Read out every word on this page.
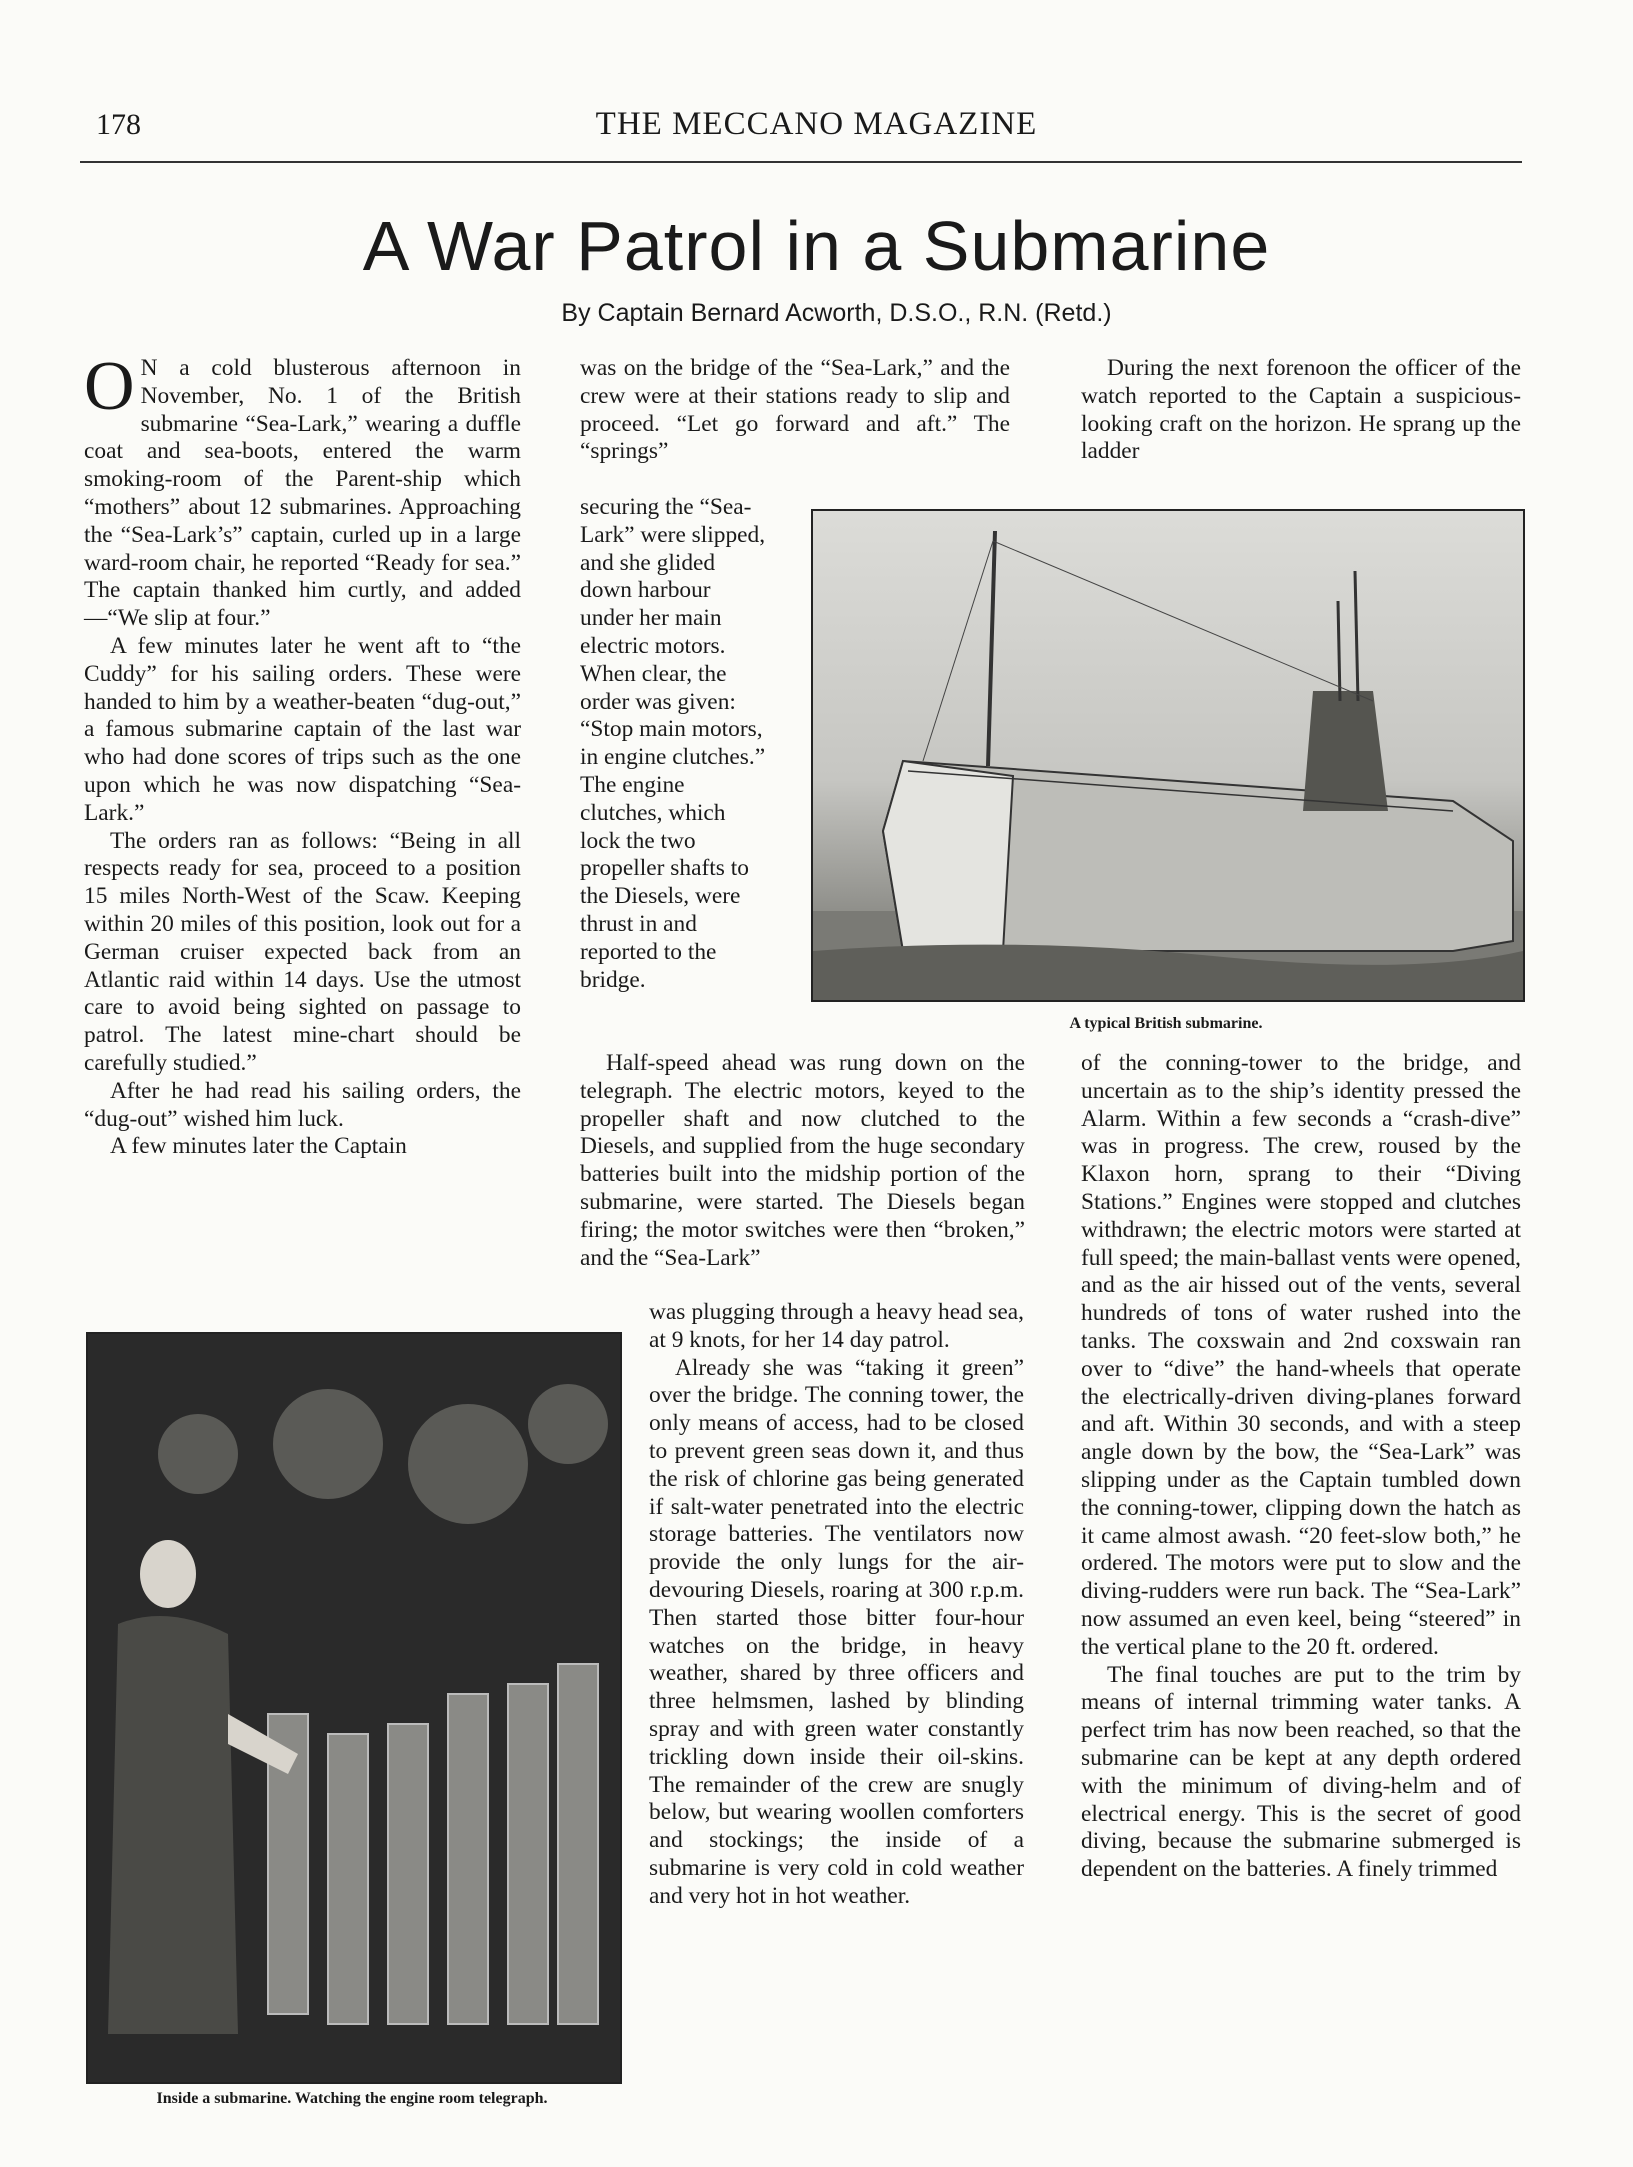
178	THE MECCANO MAGAZINE
A War Patrol in a Submarine
By Captain Bernard Acworth, D.S.O., R.N. (Retd.)

O N a cold blusterous afternoon in November, No. 1 of the British submarine “Sea-Lark,” wearing a duffle coat and sea-boots, entered the warm smoking-room of the Parent-ship which “mothers” about 12 submarines. Approaching the “Sea-Lark’s” captain, curled up in a large ward-room chair, he reported “Ready for sea.” The captain thanked him curtly, and added—“We slip at four.”

A few minutes later he went aft to “the Cuddy” for his sailing orders. These were handed to him by a weather-beaten “dug-out,” a famous submarine captain of the last war who had done scores of trips such as the one upon which he was now dispatching “Sea-Lark.”

The orders ran as follows: “Being in all respects ready for sea, proceed to a position 15 miles North-West of the Scaw. Keeping within 20 miles of this position, look out for a German cruiser expected back from an Atlantic raid within 14 days. Use the utmost care to avoid being sighted on passage to patrol. The latest mine-chart should be carefully studied.”

After he had read his sailing orders, the “dug-out” wished him luck.

A few minutes later the Captain

was on the bridge of the “Sea-Lark,” and the crew were at their stations ready to slip and proceed. “Let go forward and aft.” The “springs”

securing the “Sea-Lark” were slipped, and she glided down harbour under her main electric motors. When clear, the order was given: “Stop main motors, in engine clutches.” The engine clutches, which lock the two propeller shafts to the Diesels, were thrust in and reported to the bridge.

Half-speed ahead was rung down on the telegraph. The electric motors, keyed to the propeller shaft and now clutched to the Diesels, and supplied from the huge secondary batteries built into the midship portion of the submarine, were started. The Diesels began firing; the motor switches were then “broken,” and the “Sea-Lark”

was plugging through a heavy head sea, at 9 knots, for her 14 day patrol.

Already she was “taking it green” over the bridge. The conning tower, the only means of access, had to be closed to prevent green seas down it, and thus the risk of chlorine gas being generated if salt-water penetrated into the electric storage batteries. The ventilators now provide the only lungs for the air-devouring Diesels, roaring at 300 r.p.m. Then started those bitter four-hour watches on the bridge, in heavy weather, shared by three officers and three helmsmen, lashed by blinding spray and with green water constantly trickling down inside their oil-skins. The remainder of the crew are snugly below, but wearing woollen comforters and stockings; the inside of a submarine is very cold in cold weather and very hot in hot weather.

During the next forenoon the officer of the watch reported to the Captain a suspicious-looking craft on the horizon. He sprang up the ladder

of the conning-tower to the bridge, and uncertain as to the ship’s identity pressed the Alarm. Within a few seconds a “crash-dive” was in progress. The crew, roused by the Klaxon horn, sprang to their “Diving Stations.” Engines were stopped and clutches withdrawn; the electric motors were started at full speed; the main-ballast vents were opened, and as the air hissed out of the vents, several hundreds of tons of water rushed into the tanks. The coxswain and 2nd coxswain ran over to “dive” the hand-wheels that operate the electrically-driven diving-planes forward and aft. Within 30 seconds, and with a steep angle down by the bow, the “Sea-Lark” was slipping under as the Captain tumbled down the conning-tower, clipping down the hatch as it came almost awash. “20 feet-slow both,” he ordered. The motors were put to slow and the diving-rudders were run back. The “Sea-Lark” now assumed an even keel, being “steered” in the vertical plane to the 20 ft. ordered.

The final touches are put to the trim by means of internal trimming water tanks. A perfect trim has now been reached, so that the submarine can be kept at any depth ordered with the minimum of diving-helm and of electrical energy. This is the secret of good diving, because the submarine submerged is dependent on the batteries. A finely trimmed

A typical British submarine.
Inside a submarine. Watching the engine room telegraph.
